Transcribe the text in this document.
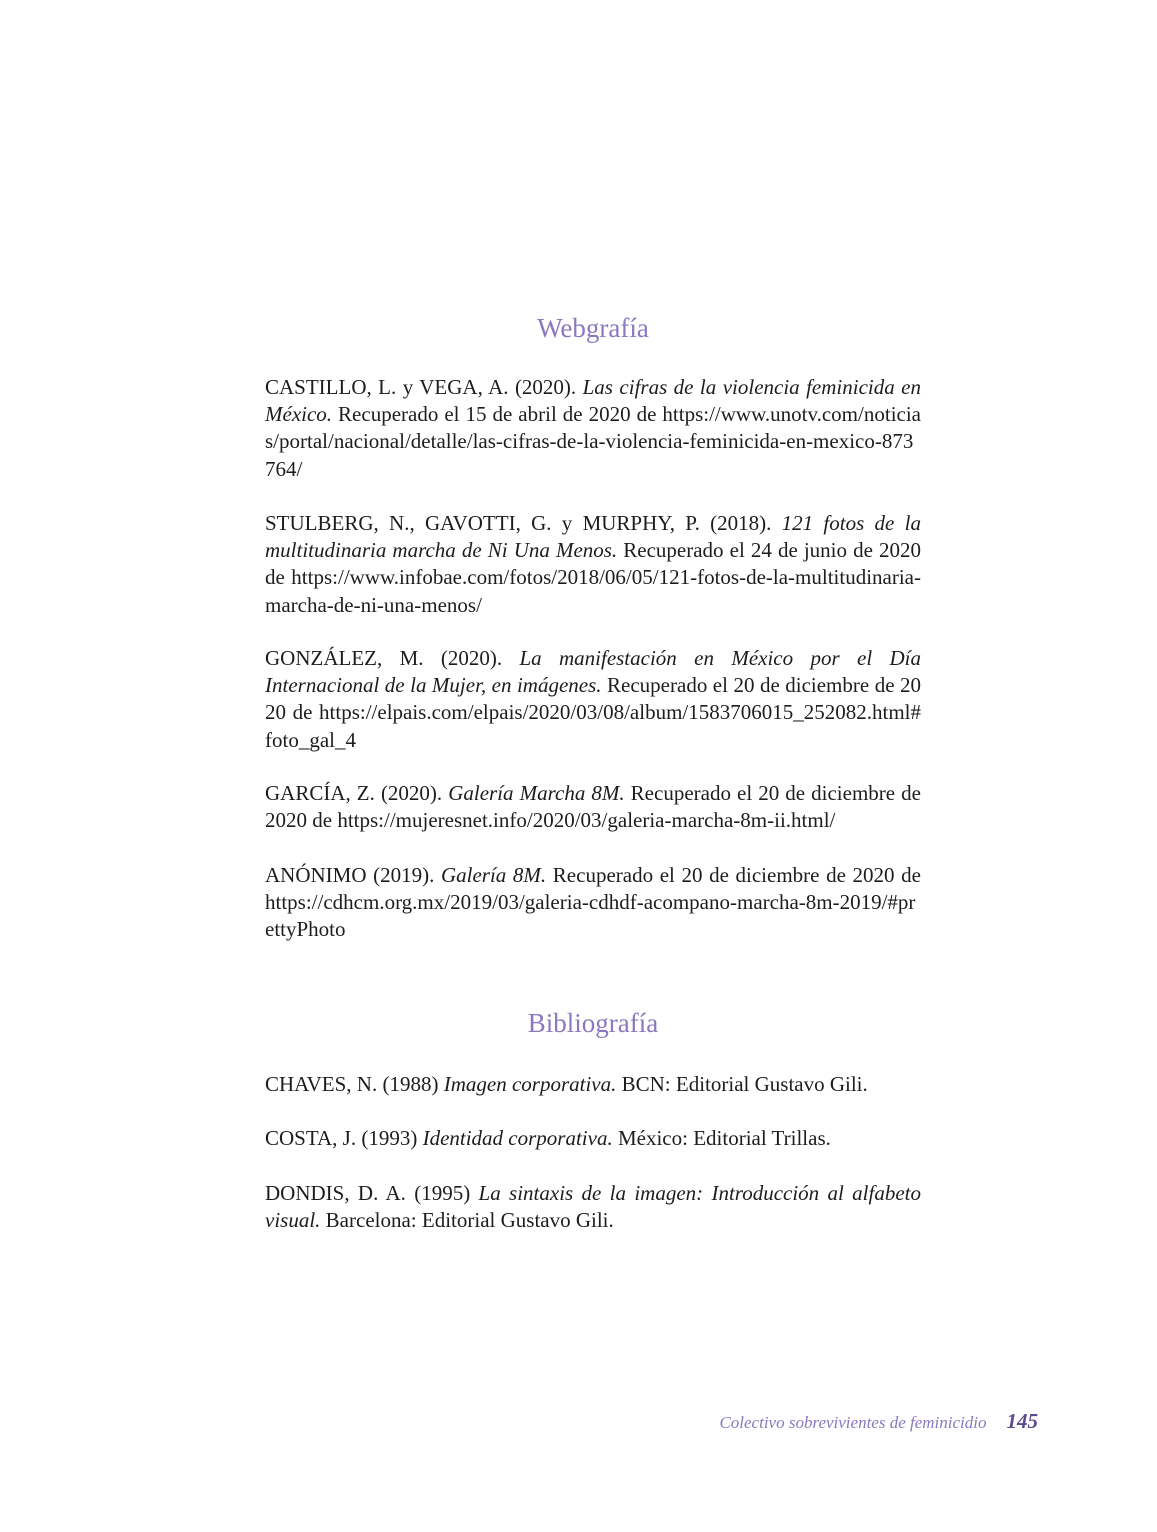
Webgrafía

CASTILLO, L. y VEGA, A. (2020). Las cifras de la violencia feminicida en México. Recuperado el 15 de abril de 2020 de https://www.unotv.com/noticias/portal/nacional/detalle/las-cifras-de-la-violencia-feminicida-en-mexico-873764/

STULBERG, N., GAVOTTI, G. y MURPHY, P. (2018). 121 fotos de la multitudinaria marcha de Ni Una Menos. Recuperado el 24 de junio de 2020 de https://www.infobae.com/fotos/2018/06/05/121-fotos-de-la-multitudinaria-marcha-de-ni-una-menos/

GONZÁLEZ, M. (2020). La manifestación en México por el Día Internacional de la Mujer, en imágenes. Recuperado el 20 de diciembre de 2020 de https://elpais.com/elpais/2020/03/08/album/1583706015_252082.html#foto_gal_4

GARCÍA, Z. (2020). Galería Marcha 8M. Recuperado el 20 de diciembre de 2020 de https://mujeresnet.info/2020/03/galeria-marcha-8m-ii.html/

ANÓNIMO (2019). Galería 8M. Recuperado el 20 de diciembre de 2020 de https://cdhcm.org.mx/2019/03/galeria-cdhdf-acompano-marcha-8m-2019/#prettyPhoto

Bibliografía

CHAVES, N. (1988) Imagen corporativa. BCN: Editorial Gustavo Gili.

COSTA, J. (1993) Identidad corporativa. México: Editorial Trillas.

DONDIS, D. A. (1995) La sintaxis de la imagen: Introducción al alfabeto visual. Barcelona: Editorial Gustavo Gili.

Colectivo sobrevivientes de feminicidio 145
